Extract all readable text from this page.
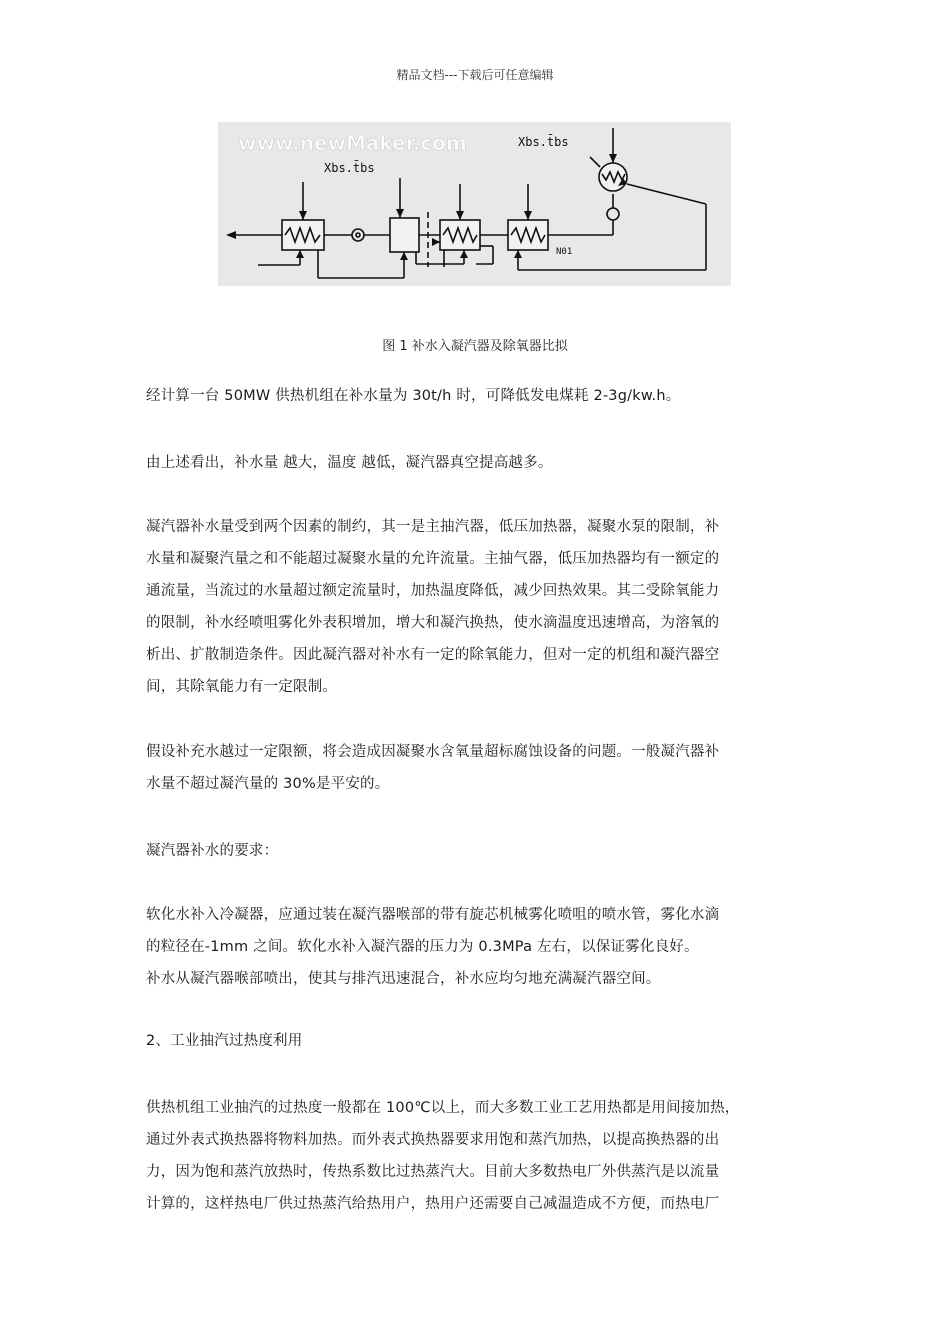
精品文档---下载后可任意编辑
www.newMaker.com
Xbs.t̄bs
Xbs.t̄bs
N01
图 1 补水入凝汽器及除氧器比拟

经计算一台 50MW 供热机组在补水量为 30t/h 时，可降低发电煤耗 2-3g/kw.h。

由上述看出，补水量 越大，温度 越低，凝汽器真空提高越多。

凝汽器补水量受到两个因素的制约，其一是主抽汽器，低压加热器，凝聚水泵的限制，补

水量和凝聚汽量之和不能超过凝聚水量的允许流量。主抽气器，低压加热器均有一额定的

通流量，当流过的水量超过额定流量时，加热温度降低，减少回热效果。其二受除氧能力

的限制，补水经喷咀雾化外表积增加，增大和凝汽换热，使水滴温度迅速增高，为溶氧的

析出、扩散制造条件。因此凝汽器对补水有一定的除氧能力，但对一定的机组和凝汽器空

间，其除氧能力有一定限制。

假设补充水越过一定限额，将会造成因凝聚水含氧量超标腐蚀设备的问题。一般凝汽器补

水量不超过凝汽量的 30%是平安的。

凝汽器补水的要求：

软化水补入冷凝器，应通过装在凝汽器喉部的带有旋芯机械雾化喷咀的喷水管，雾化水滴

的粒径在-1mm 之间。软化水补入凝汽器的压力为 0.3MPa 左右，以保证雾化良好。

补水从凝汽器喉部喷出，使其与排汽迅速混合，补水应均匀地充满凝汽器空间。

2、工业抽汽过热度利用

供热机组工业抽汽的过热度一般都在 100℃以上，而大多数工业工艺用热都是用间接加热，

通过外表式换热器将物料加热。而外表式换热器要求用饱和蒸汽加热，以提高换热器的出

力，因为饱和蒸汽放热时，传热系数比过热蒸汽大。目前大多数热电厂外供蒸汽是以流量

计算的，这样热电厂供过热蒸汽给热用户，热用户还需要自己减温造成不方便，而热电厂
